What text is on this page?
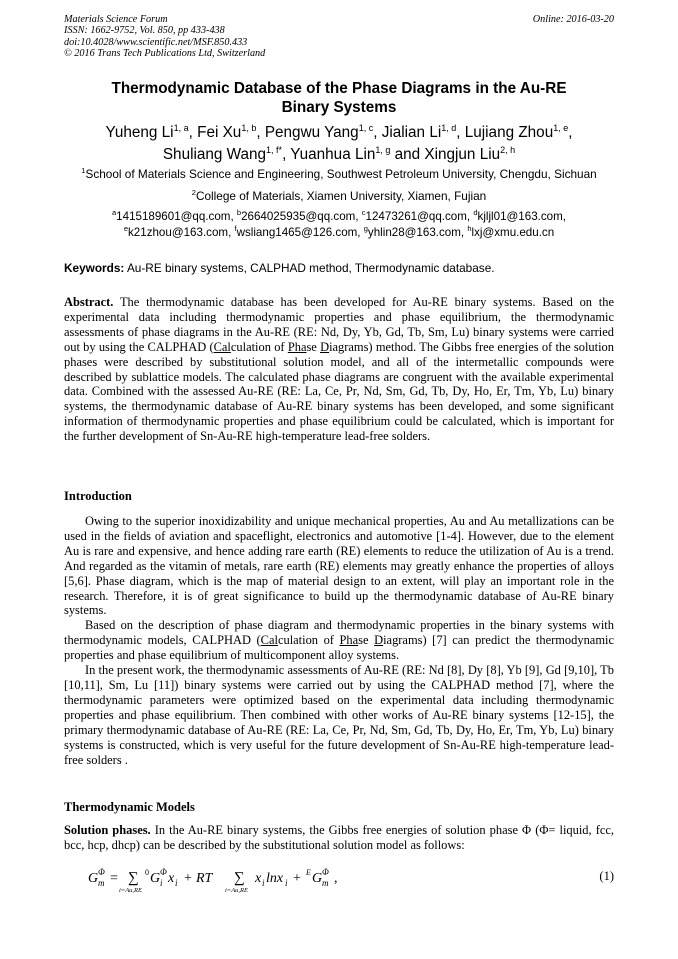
Materials Science Forum
ISSN: 1662-9752, Vol. 850, pp 433-438
doi:10.4028/www.scientific.net/MSF.850.433
© 2016 Trans Tech Publications Ltd, Switzerland
Online: 2016-03-20
Thermodynamic Database of the Phase Diagrams in the Au-RE
Binary Systems
Yuheng Li$^{1, a}$, Fei Xu$^{1, b}$, Pengwu Yang$^{1, c}$, Jialian Li$^{1, d}$, Lujiang Zhou$^{1, e}$,
Shuliang Wang$^{1, f*}$, Yuanhua Lin$^{1, g}$ and Xingjun Liu$^{2, h}$
$^1$School of Materials Science and Engineering, Southwest Petroleum University, Chengdu, Sichuan
$^2$College of Materials, Xiamen University, Xiamen, Fujian
$^a$1415189601@qq.com, $^b$2664025935@qq.com, $^c$12473261@qq.com, $^d$kjljl01@163.com,
$^e$k21zhou@163.com, $^f$wsliang1465@126.com, $^g$yhlin28@163.com, $^h$lxj@xmu.edu.cn
Keywords: Au-RE binary systems, CALPHAD method, Thermodynamic database.

Abstract. The thermodynamic database has been developed for Au-RE binary systems. Based on the experimental data including thermodynamic properties and phase equilibrium, the thermodynamic assessments of phase diagrams in the Au-RE (RE: Nd, Dy, Yb, Gd, Tb, Sm, Lu) binary systems were carried out by using the CALPHAD (Calculation of Phase Diagrams) method. The Gibbs free energies of the solution phases were described by substitutional solution model, and all of the intermetallic compounds were described by sublattice models. The calculated phase diagrams are congruent with the available experimental data. Combined with the assessed Au-RE (RE: La, Ce, Pr, Nd, Sm, Gd, Tb, Dy, Ho, Er, Tm, Yb, Lu) binary systems, the thermodynamic database of Au-RE binary systems has been developed, and some significant information of thermodynamic properties and phase equilibrium could be calculated, which is important for the further development of Sn-Au-RE high-temperature lead-free solders.

Introduction

Owing to the superior inoxidizability and unique mechanical properties, Au and Au metallizations can be used in the fields of aviation and spaceflight, electronics and automotive [1-4]. However, due to the element Au is rare and expensive, and hence adding rare earth (RE) elements to reduce the utilization of Au is a trend. And regarded as the vitamin of metals, rare earth (RE) elements may greatly enhance the properties of alloys [5,6]. Phase diagram, which is the map of material design to an extent, will play an important role in the research. Therefore, it is of great significance to build up the thermodynamic database of Au-RE binary systems.

Based on the description of phase diagram and thermodynamic properties in the binary systems with thermodynamic models, CALPHAD (Calculation of Phase Diagrams) [7] can predict the thermodynamic properties and phase equilibrium of multicomponent alloy systems.

In the present work, the thermodynamic assessments of Au-RE (RE: Nd [8], Dy [8], Yb [9], Gd [9,10], Tb [10,11], Sm, Lu [11]) binary systems were carried out by using the CALPHAD method [7], where the thermodynamic parameters were optimized based on the experimental data including thermodynamic properties and phase equilibrium. Then combined with other works of Au-RE binary systems [12-15], the primary thermodynamic database of Au-RE (RE: La, Ce, Pr, Nd, Sm, Gd, Tb, Dy, Ho, Er, Tm, Yb, Lu) binary systems is constructed, which is very useful for the future development of Sn-Au-RE high-temperature lead-free solders .

Thermodynamic Models

Solution phases. In the Au-RE binary systems, the Gibbs free energies of solution phase Φ (Φ= liquid, fcc, bcc, hcp, dhcp) can be described by the substitutional solution model as follows:

G Φ
m = ∑
i=Au,RE
0 G Φ
i x i + RT ∑
i=Au,RE
x i lnx i + E G Φ
m ,	(1)
